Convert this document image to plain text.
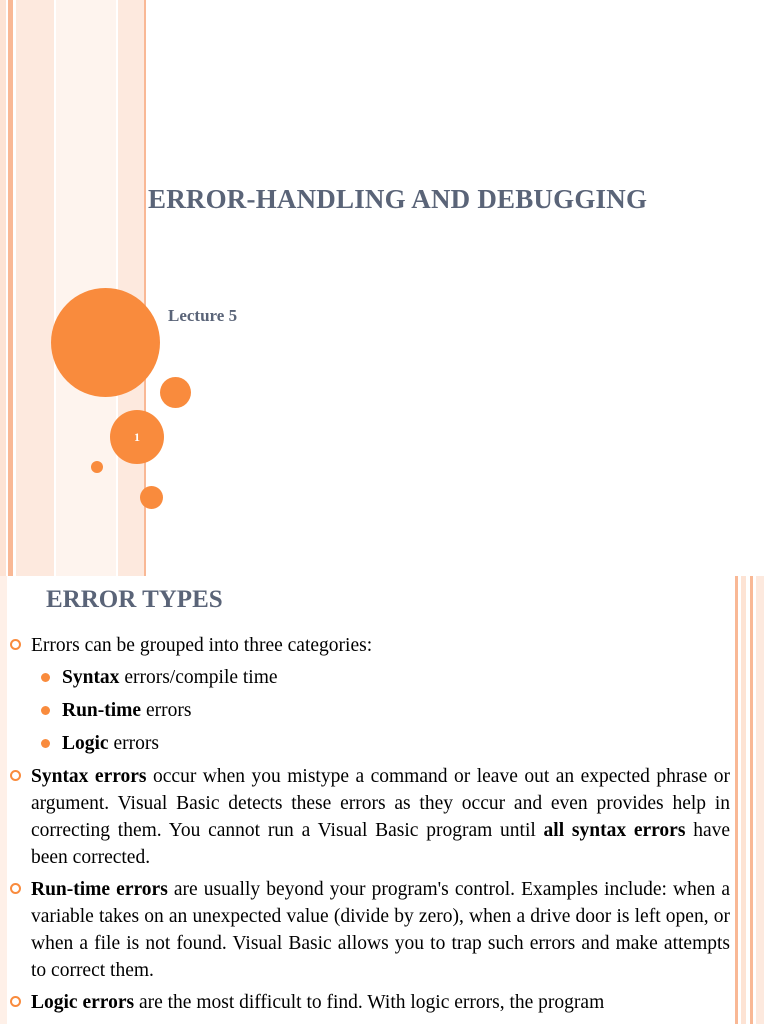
1
ERROR-HANDLING AND DEBUGGING
Lecture 5
ERROR TYPES
Errors can be grouped into three categories:
Syntax errors/compile time
Run-time errors
Logic errors
Syntax errors occur when you mistype a command or leave out an expected phrase or argument. Visual Basic detects these errors as they occur and even provides help in correcting them. You cannot run a Visual Basic program until all syntax errors have been corrected.
Run-time errors are usually beyond your program's control. Examples include: when a variable takes on an unexpected value (divide by zero), when a drive door is left open, or when a file is not found. Visual Basic allows you to trap such errors and make attempts to correct them.
Logic errors are the most difficult to find. With logic errors, the program
